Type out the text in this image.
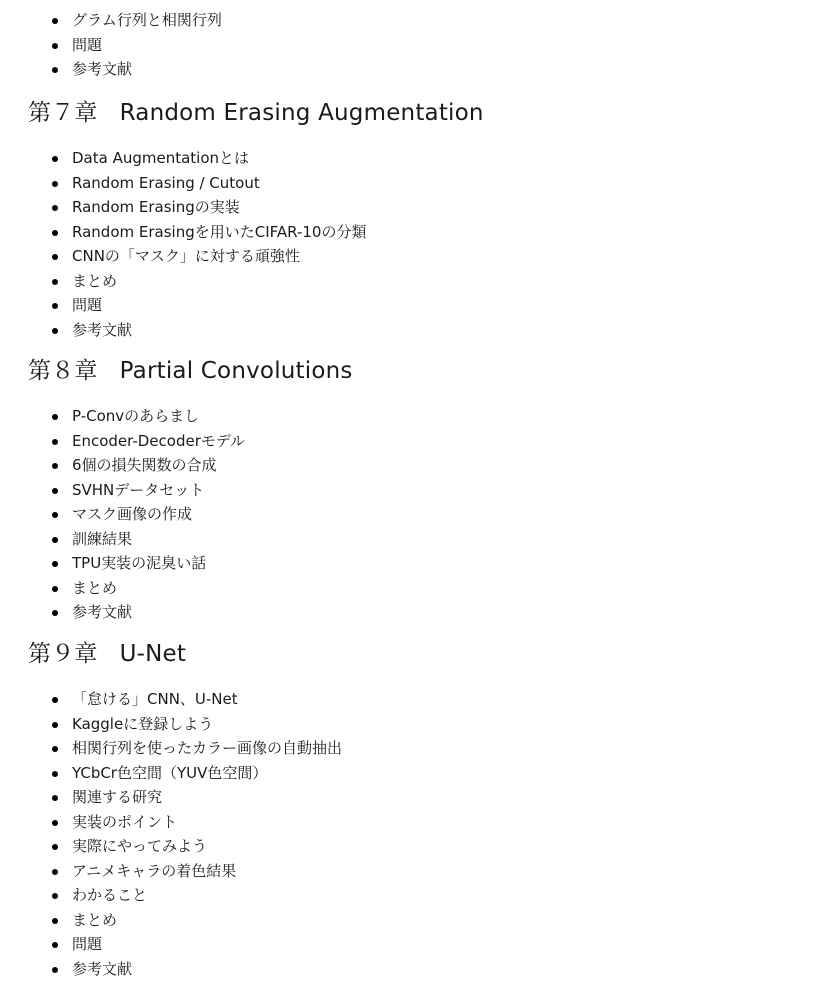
グラム行列と相関行列
問題
参考文献
第７章 Random Erasing Augmentation
Data Augmentationとは
Random Erasing / Cutout
Random Erasingの実装
Random Erasingを用いたCIFAR-10の分類
CNNの「マスク」に対する頑強性
まとめ
問題
参考文献
第８章 Partial Convolutions
P-Convのあらまし
Encoder-Decoderモデル
6個の損失関数の合成
SVHNデータセット
マスク画像の作成
訓練結果
TPU実装の泥臭い話
まとめ
参考文献
第９章 U-Net
「怠ける」CNN、U-Net
Kaggleに登録しよう
相関行列を使ったカラー画像の自動抽出
YCbCr色空間（YUV色空間）
関連する研究
実装のポイント
実際にやってみよう
アニメキャラの着色結果
わかること
まとめ
問題
参考文献
